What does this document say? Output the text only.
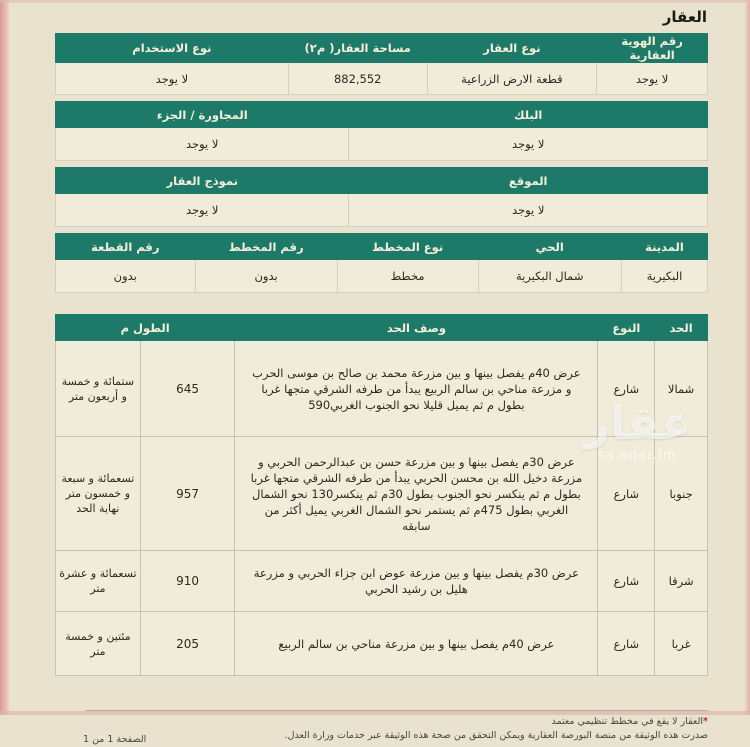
العقار
رقم الهوية العقارية	نوع العقار	مساحة العقار( م٢)	نوع الاستخدام
لا يوجد	قطعة الارض الزراعية	882,552	لا يوجد
البلك	المجاورة / الجزء
لا يوجد	لا يوجد
الموقع	نموذج العقار
لا يوجد	لا يوجد
المدينة	الحي	نوع المخطط	رقم المخطط	رقم القطعة
البكيرية	شمال البكيرية	مخطط	بدون	بدون
الحد	النوع	وصف الحد	الطول م	
شمالا	شارع	عرض 40م يفصل بينها و بين مزرعة محمد بن صالح بن موسى الحرب و مزرعة مناحي بن سالم الربيع يبدأ من طرفه الشرقي متجها غربا بطول م ثم يميل قليلا نحو الجنوب الغربي590	645	ستمائة و خمسة و أربعون متر
جنوبا	شارع	عرض 30م يفصل بينها و بين مزرعة حسن بن عبدالرحمن الحربي و مزرعة دخيل الله بن محسن الحربي يبدأ من طرفه الشرقي متجها غربا بطول م ثم ينكسر نحو الجنوب بطول 30م ثم ينكسر130 نحو الشمال الغربي بطول 475م ثم يستمر نحو الشمال الغربي يميل أكثر من سابقه	957	تسعمائة و سبعة و خمسون متر نهاية الحد
شرقا	شارع	عرض 30م يفصل بينها و بين مزرعة عوض ابن جزاء الحربي و مزرعة هليل بن رشيد الحربي	910	تسعمائة و عشرة متر
غربا	شارع	عرض 40م يفصل بينها و بين مزرعة مناحي بن سالم الربيع	205	مئتين و خمسة متر
*العقار لا يقع في مخطط تنظيمي معتمد
صدرت هذه الوثيقة من منصة البورصة العقارية ويمكن التحقق من صحة هذه الوثيقة عبر خدمات وزارة العدل.
الصفحة 1 من 1
عقار
sa.aqar.fm
